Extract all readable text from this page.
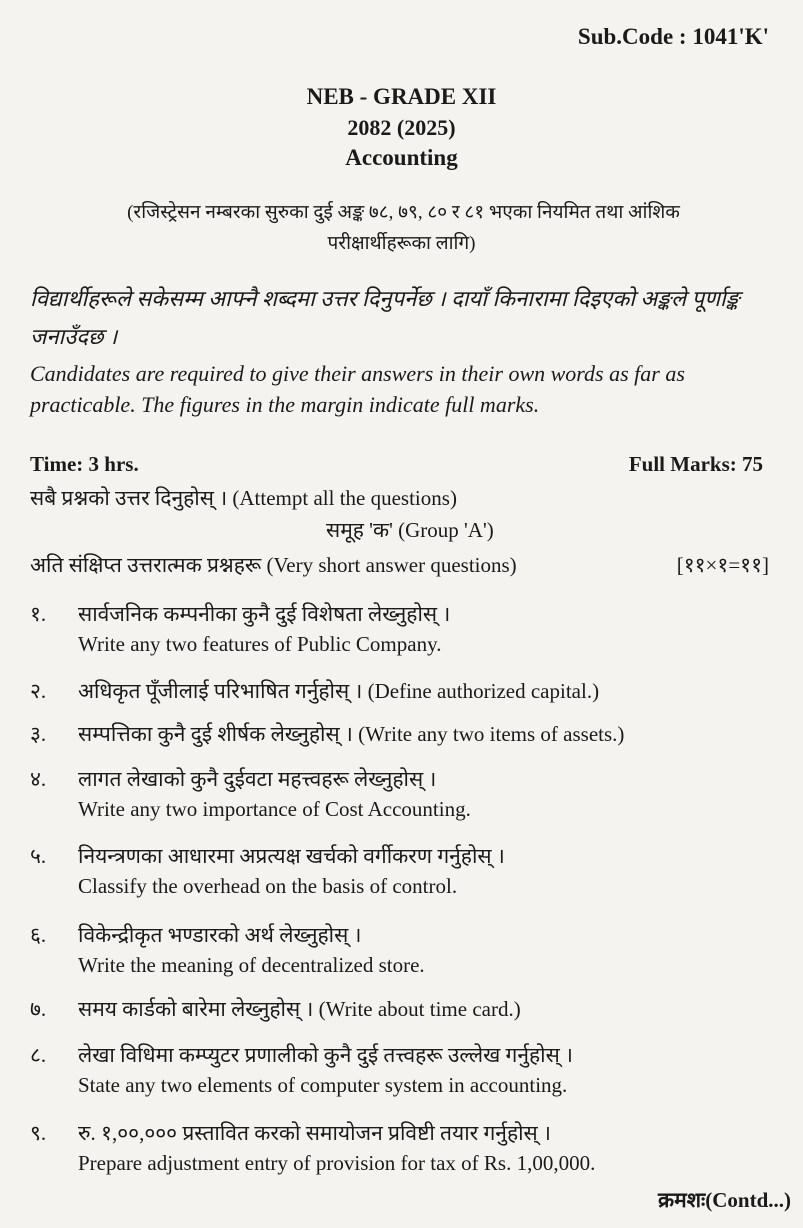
Sub.Code : 1041'K'
NEB - GRADE XII
2082 (2025)
Accounting
(रजिस्ट्रेसन नम्बरका सुरुका दुई अङ्क ७८, ७९, ८० र ८१ भएका नियमित तथा आंशिक
परीक्षार्थीहरूका लागि)
विद्यार्थीहरूले सकेसम्म आफ्नै शब्दमा उत्तर दिनुपर्नेछ । दायाँ किनारामा दिइएको अङ्कले पूर्णाङ्क जनाउँदछ ।
Candidates are required to give their answers in their own words as far as practicable. The figures in the margin indicate full marks.
Time: 3 hrs.	Full Marks: 75
सबै प्रश्नको उत्तर दिनुहोस् । (Attempt all the questions)
समूह 'क' (Group 'A')
अति संक्षिप्त उत्तरात्मक प्रश्नहरू (Very short answer questions)	[११×१=११]
१.	सार्वजनिक कम्पनीका कुनै दुई विशेषता लेख्नुहोस् ।
Write any two features of Public Company.
२.	अधिकृत पूँजीलाई परिभाषित गर्नुहोस् । (Define authorized capital.)
३.	सम्पत्तिका कुनै दुई शीर्षक लेख्नुहोस् । (Write any two items of assets.)
४.	लागत लेखाको कुनै दुईवटा महत्त्वहरू लेख्नुहोस् ।
Write any two importance of Cost Accounting.
५.	नियन्त्रणका आधारमा अप्रत्यक्ष खर्चको वर्गीकरण गर्नुहोस् ।
Classify the overhead on the basis of control.
६.	विकेन्द्रीकृत भण्डारको अर्थ लेख्नुहोस् ।
Write the meaning of decentralized store.
७.	समय कार्डको बारेमा लेख्नुहोस् । (Write about time card.)
८.	लेखा विधिमा कम्प्युटर प्रणालीको कुनै दुई तत्त्वहरू उल्लेख गर्नुहोस् ।
State any two elements of computer system in accounting.
९.	रु. १,००,००० प्रस्तावित करको समायोजन प्रविष्टी तयार गर्नुहोस् ।
Prepare adjustment entry of provision for tax of Rs. 1,00,000.
क्रमशः(Contd...)
